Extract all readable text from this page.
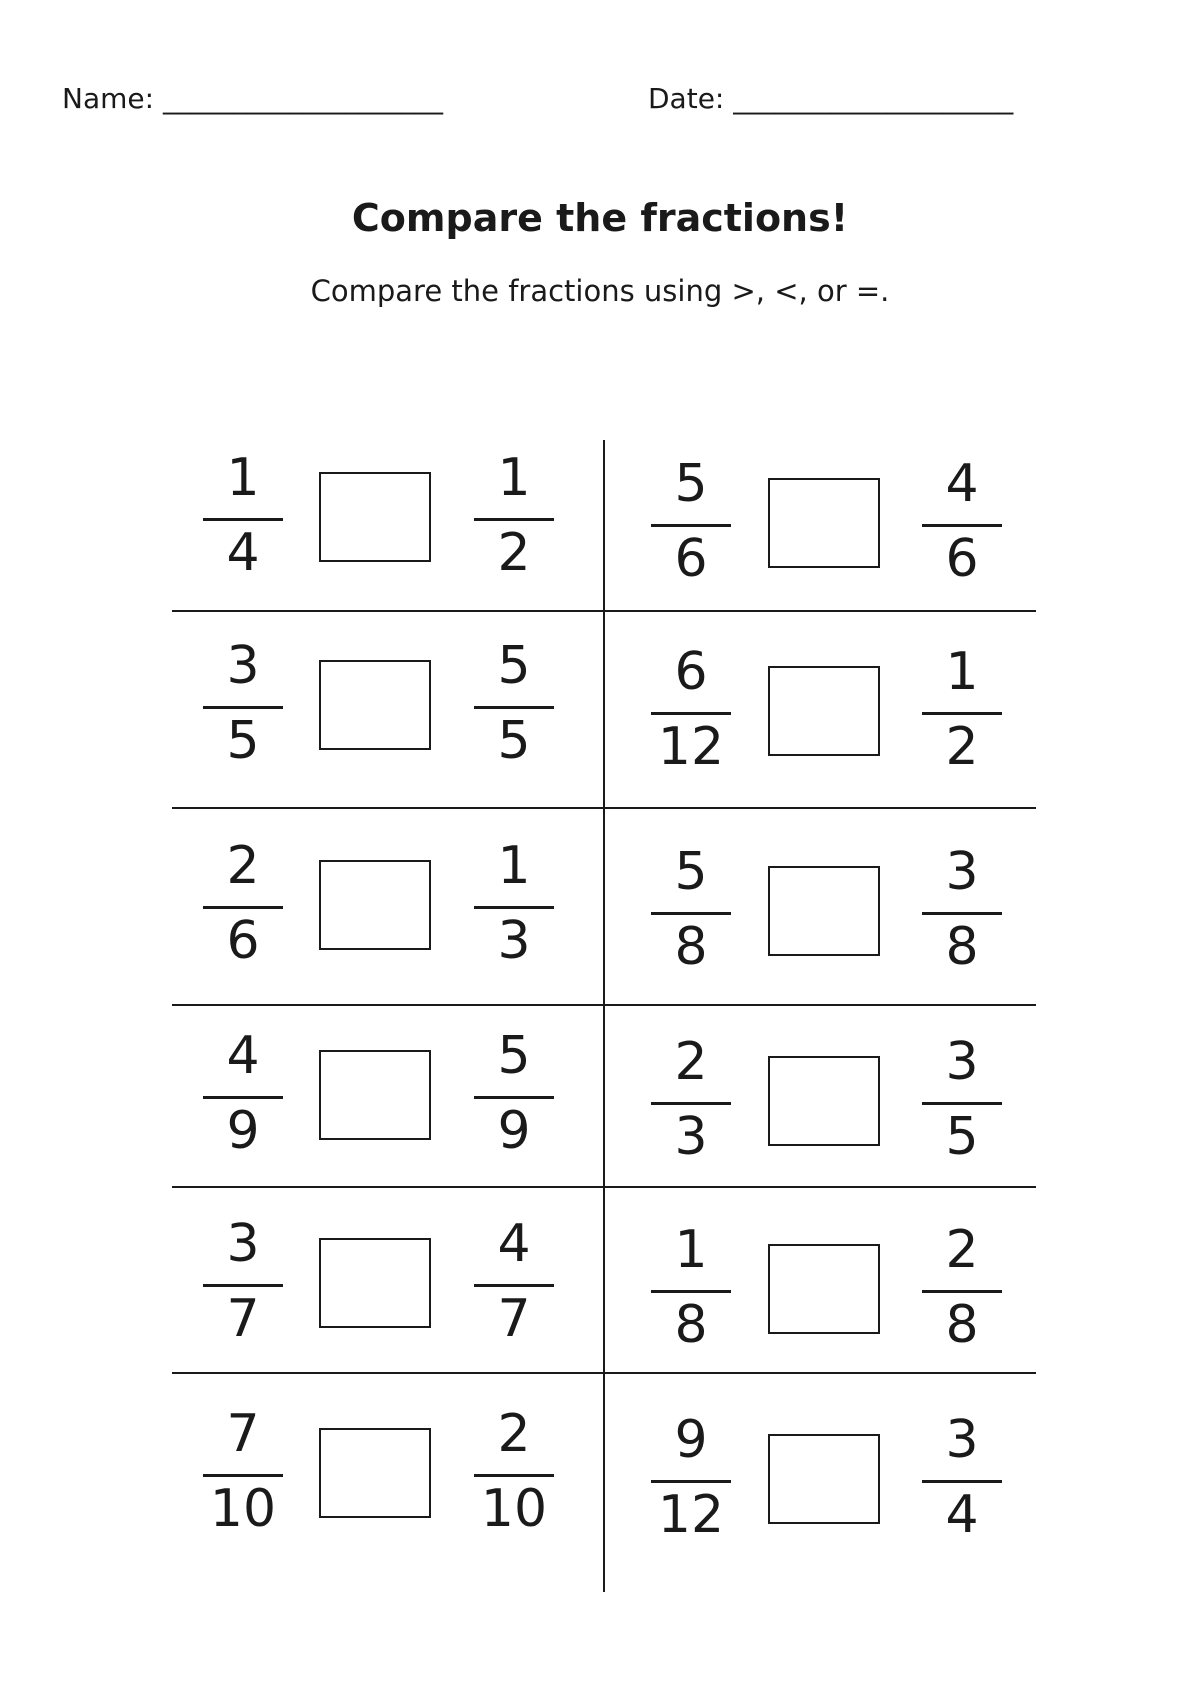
Name: ____________________	Date: ____________________
Compare the fractions!
Compare the fractions using >, <, or =.
1
4
1
2
5
6
4
6
3
5
5
5
6
12
1
2
2
6
1
3
5
8
3
8
4
9
5
9
2
3
3
5
3
7
4
7
1
8
2
8
7
10
2
10
9
12
3
4
